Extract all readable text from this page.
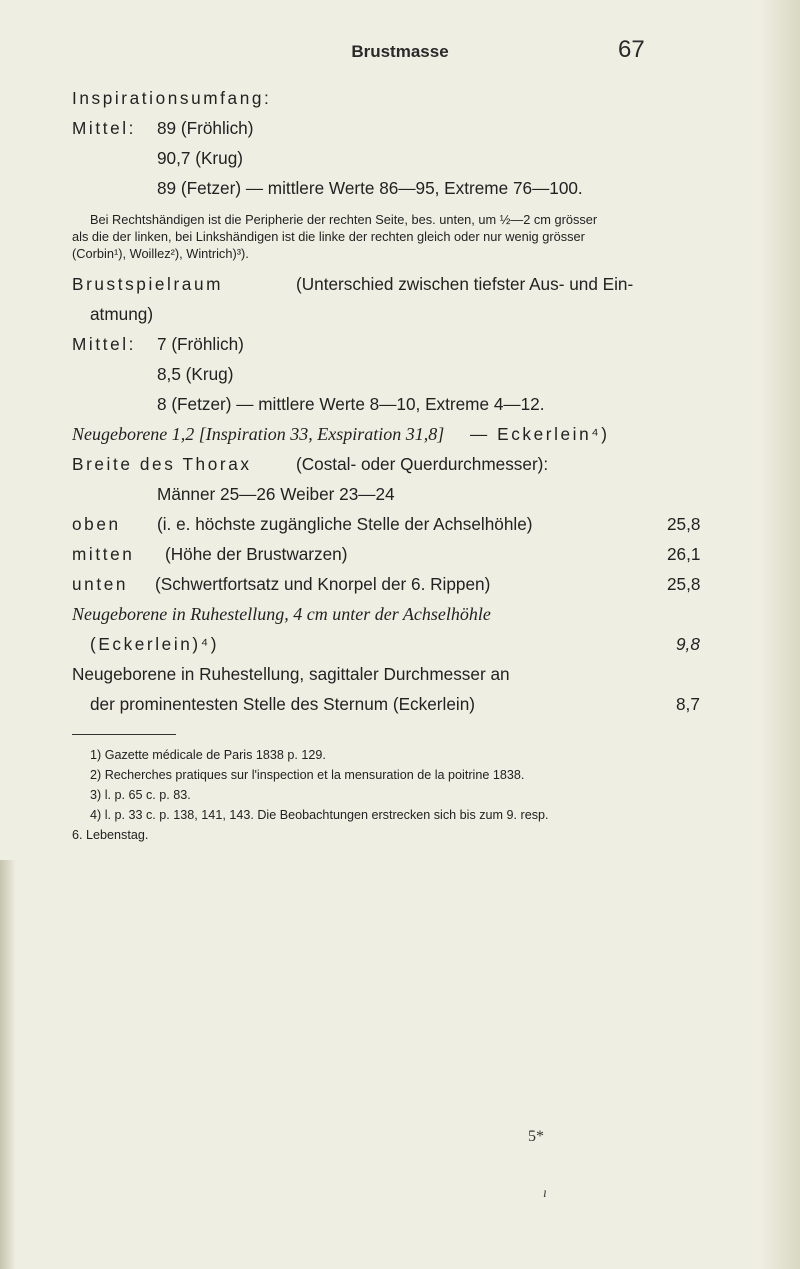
Brustmasse	67
Inspirationsumfang:
Mittel: 89 (Fröhlich)
90,7 (Krug)
89 (Fetzer) — mittlere Werte 86—95, Extreme 76—100.
Bei Rechtshändigen ist die Peripherie der rechten Seite, bes. unten, um ½—2 cm grösser
als die der linken, bei Linkshändigen ist die linke der rechten gleich oder nur wenig grösser
(Corbin¹), Woillez²), Wintrich)³).
Brustspielraum	(Unterschied zwischen tiefster Aus- und Ein-
atmung)
Mittel: 7 (Fröhlich)
8,5 (Krug)
8 (Fetzer) — mittlere Werte 8—10, Extreme 4—12.
Neugeborene 1,2 [Inspiration 33, Exspiration 31,8] — Eckerlein⁴)
Breite des Thorax	(Costal- oder Querdurchmesser):
Männer 25—26 Weiber 23—24
oben (i. e. höchste zugängliche Stelle der Achselhöhle)	25,8
mitten (Höhe der Brustwarzen)	26,1
unten (Schwertfortsatz und Knorpel der 6. Rippen)	25,8
Neugeborene in Ruhestellung, 4 cm unter der Achselhöhle
(Eckerlein)⁴)	9,8
Neugeborene in Ruhestellung, sagittaler Durchmesser an
der prominentesten Stelle des Sternum (Eckerlein)	8,7
1) Gazette médicale de Paris 1838 p. 129.
2) Recherches pratiques sur l'inspection et la mensuration de la poitrine 1838.
3) l. p. 65 c. p. 83.
4) l. p. 33 c. p. 138, 141, 143. Die Beobachtungen erstrecken sich bis zum 9. resp.
6. Lebenstag.
5*
ı
